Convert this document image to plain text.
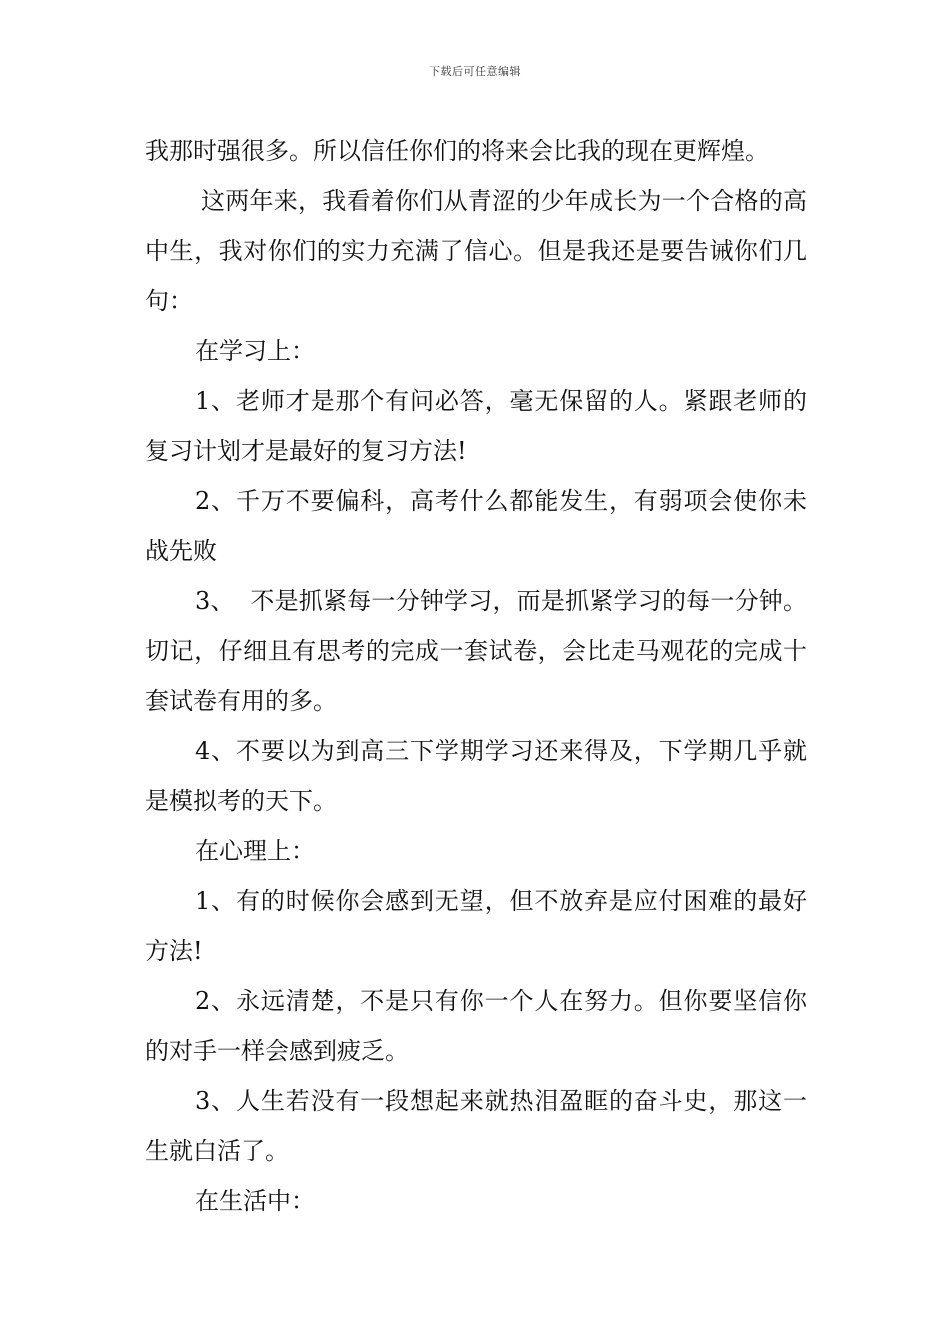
下载后可任意编辑

我那时强很多。所以信任你们的将来会比我的现在更辉煌。

这两年来，我看着你们从青涩的少年成长为一个合格的高中生，我对你们的实力充满了信心。但是我还是要告诫你们几句：

在学习上：

1、老师才是那个有问必答，毫无保留的人。紧跟老师的复习计划才是最好的复习方法!

2、千万不要偏科，高考什么都能发生，有弱项会使你未战先败

3、  不是抓紧每一分钟学习，而是抓紧学习的每一分钟。切记，仔细且有思考的完成一套试卷，会比走马观花的完成十套试卷有用的多。

4、不要以为到高三下学期学习还来得及，下学期几乎就是模拟考的天下。

在心理上：

1、有的时候你会感到无望，但不放弃是应付困难的最好方法!

2、永远清楚，不是只有你一个人在努力。但你要坚信你的对手一样会感到疲乏。

3、人生若没有一段想起来就热泪盈眶的奋斗史，那这一生就白活了。

在生活中：
